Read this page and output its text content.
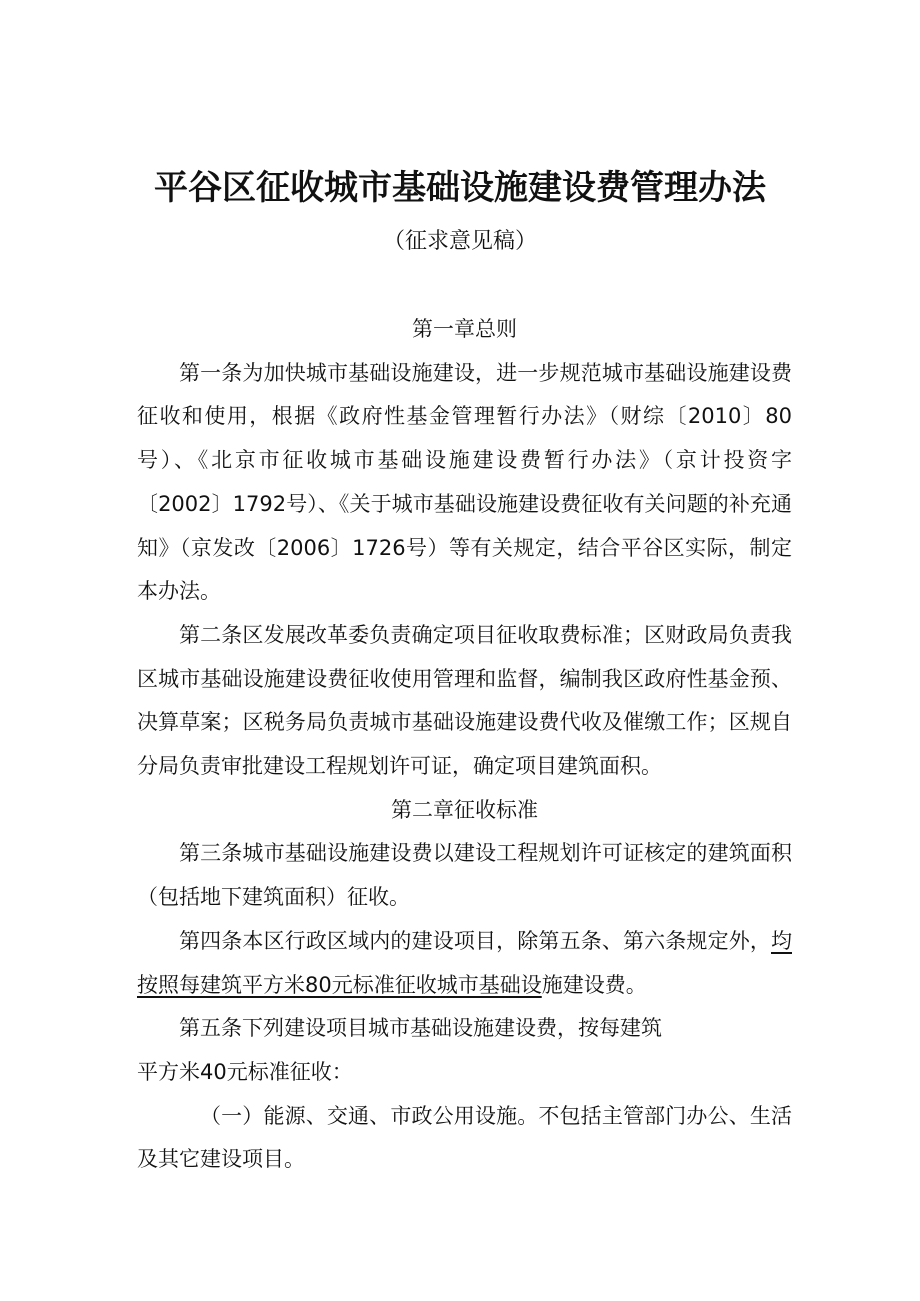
平谷区征收城市基础设施建设费管理办法
（征求意见稿）

第一章总则

第一条为加快城市基础设施建设，进一步规范城市基础设施建设费征收和使用，根据《政府性基金管理暂行办法》（财综〔2010〕80号）、《北京市征收城市基础设施建设费暂行办法》（京计投资字〔2002〕1792号）、《关于城市基础设施建设费征收有关问题的补充通知》（京发改〔2006〕1726号）等有关规定，结合平谷区实际，制定本办法。

第二条区发展改革委负责确定项目征收取费标准；区财政局负责我区城市基础设施建设费征收使用管理和监督，编制我区政府性基金预、决算草案；区税务局负责城市基础设施建设费代收及催缴工作；区规自分局负责审批建设工程规划许可证，确定项目建筑面积。

第二章征收标准

第三条城市基础设施建设费以建设工程规划许可证核定的建筑面积（包括地下建筑面积）征收。

第四条本区行政区域内的建设项目，除第五条、第六条规定外，均按照每建筑平方米80元标准征收城市基础设施建设费。

第五条下列建设项目城市基础设施建设费，按每建筑

平方米40元标准征收：

（一）能源、交通、市政公用设施。不包括主管部门办公、生活及其它建设项目。
